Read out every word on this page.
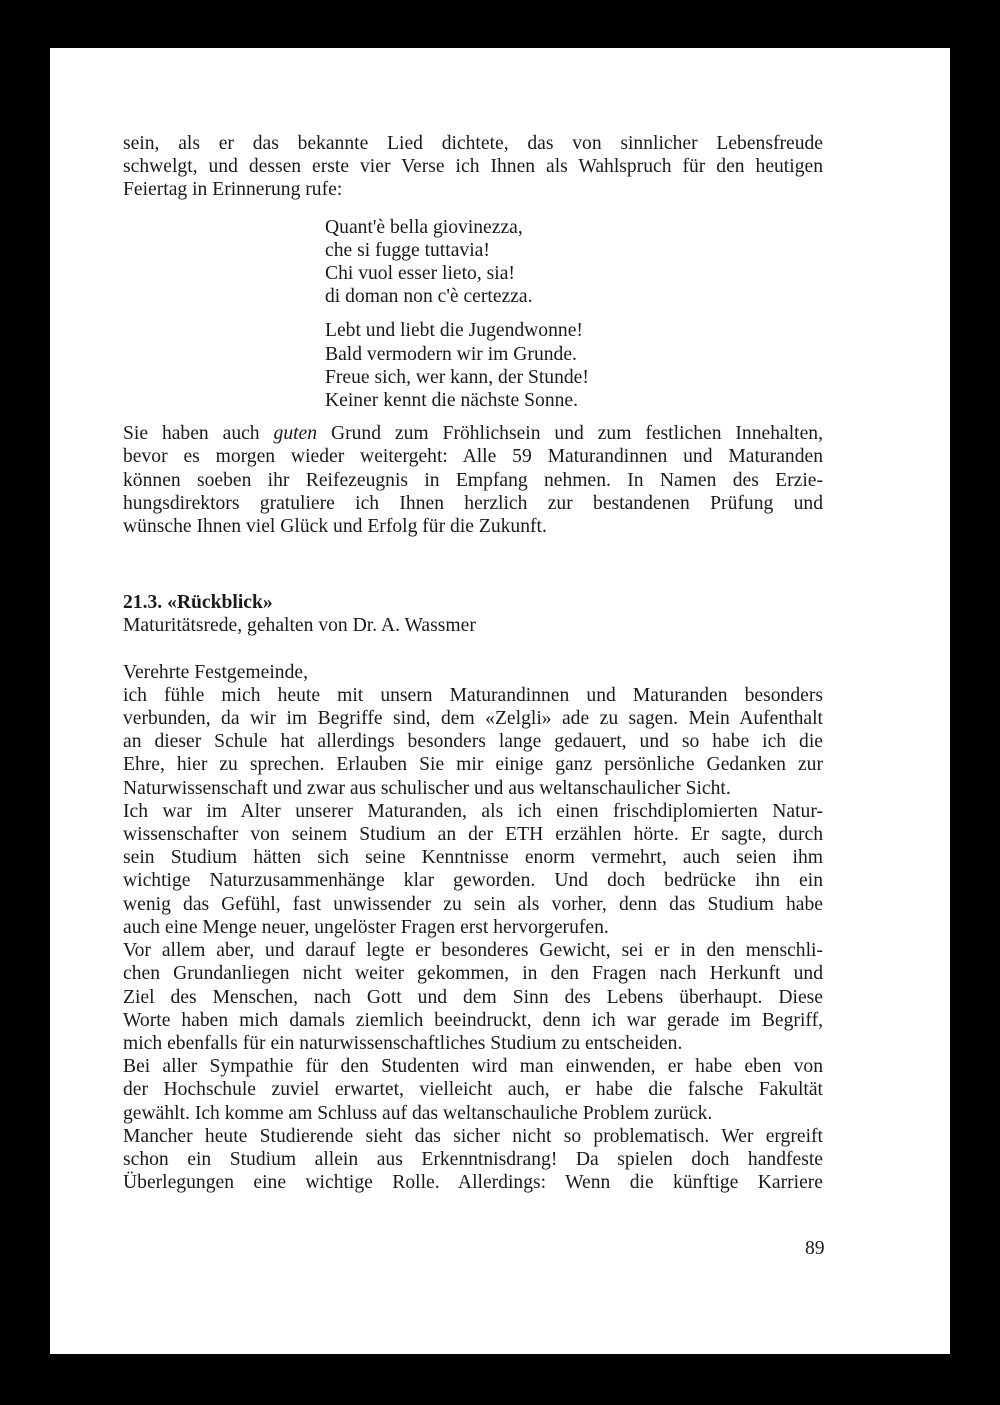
sein, als er das bekannte Lied dichtete, das von sinnlicher Lebensfreude

schwelgt, und dessen erste vier Verse ich Ihnen als Wahlspruch für den heutigen

Feiertag in Erinnerung rufe:

Quant'è bella giovinezza,
che si fugge tuttavia!
Chi vuol esser lieto, sia!
di doman non c'è certezza.
Lebt und liebt die Jugendwonne!
Bald vermodern wir im Grunde.
Freue sich, wer kann, der Stunde!
Keiner kennt die nächste Sonne.

Sie haben auch guten Grund zum Fröhlichsein und zum festlichen Innehalten,

bevor es morgen wieder weitergeht: Alle 59 Maturandinnen und Maturanden

können soeben ihr Reifezeugnis in Empfang nehmen. In Namen des Erzie-

hungsdirektors gratuliere ich Ihnen herzlich zur bestandenen Prüfung und

wünsche Ihnen viel Glück und Erfolg für die Zukunft.

21.3. «Rückblick»
Maturitätsrede, gehalten von Dr. A. Wassmer
Verehrte Festgemeinde,

ich fühle mich heute mit unsern Maturandinnen und Maturanden besonders

verbunden, da wir im Begriffe sind, dem «Zelgli» ade zu sagen. Mein Aufenthalt

an dieser Schule hat allerdings besonders lange gedauert, und so habe ich die

Ehre, hier zu sprechen. Erlauben Sie mir einige ganz persönliche Gedanken zur

Naturwissenschaft und zwar aus schulischer und aus weltanschaulicher Sicht.

Ich war im Alter unserer Maturanden, als ich einen frischdiplomierten Natur-

wissenschafter von seinem Studium an der ETH erzählen hörte. Er sagte, durch

sein Studium hätten sich seine Kenntnisse enorm vermehrt, auch seien ihm

wichtige Naturzusammenhänge klar geworden. Und doch bedrücke ihn ein

wenig das Gefühl, fast unwissender zu sein als vorher, denn das Studium habe

auch eine Menge neuer, ungelöster Fragen erst hervorgerufen.

Vor allem aber, und darauf legte er besonderes Gewicht, sei er in den menschli-

chen Grundanliegen nicht weiter gekommen, in den Fragen nach Herkunft und

Ziel des Menschen, nach Gott und dem Sinn des Lebens überhaupt. Diese

Worte haben mich damals ziemlich beeindruckt, denn ich war gerade im Begriff,

mich ebenfalls für ein naturwissenschaftliches Studium zu entscheiden.

Bei aller Sympathie für den Studenten wird man einwenden, er habe eben von

der Hochschule zuviel erwartet, vielleicht auch, er habe die falsche Fakultät

gewählt. Ich komme am Schluss auf das weltanschauliche Problem zurück.

Mancher heute Studierende sieht das sicher nicht so problematisch. Wer ergreift

schon ein Studium allein aus Erkenntnisdrang! Da spielen doch handfeste

Überlegungen eine wichtige Rolle. Allerdings: Wenn die künftige Karriere

89
